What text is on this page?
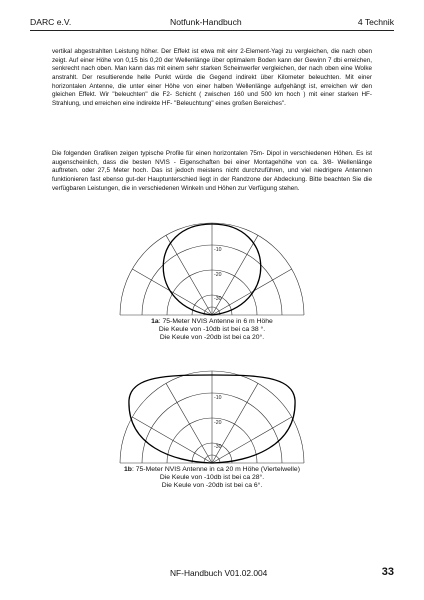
DARC e.V.	Notfunk-Handbuch	4 Technik

vertikal abgestrahlten Leistung höher. Der Effekt ist etwa mit einr 2-Element-Yagi zu vergleichen, die nach oben zeigt. Auf einer Höhe von 0,15 bis 0,20 der Wellenlänge über optimalem Boden kann der Gewinn 7 dbi erreichen, senkrecht nach oben. Man kann das mit einem sehr starken Scheinwerfer vergleichen, der nach oben eine Wolke anstrahlt. Der resultierende helle Punkt würde die Gegend indirekt über Kilometer beleuchten. Mit einer horizontalen Antenne, die unter einer Höhe von einer halben Wellenlänge aufgehängt ist, erreichen wir den gleichen Effekt. Wir "beleuchten" die F2- Schicht ( zwischen 160 und 500 km hoch ) mit einer starken HF- Strahlung, und erreichen eine indirekte HF- "Beleuchtung" eines großen Bereiches".

Die folgenden Grafiken zeigen typische Profile für einen horizontalen 75m- Dipol in verschiedenen Höhen. Es ist augenscheinlich, dass die besten NVIS - Eigenschaften bei einer Montagehöhe von ca. 3/8- Wellenlänge auftreten. oder 27,5 Meter hoch. Das ist jedoch meistens nicht durchzuführen, und viel niedrigere Antennen funktionieren fast ebenso gut-der Hauptunterschied liegt in der Randzone der Abdeckung. Bitte beachten Sie die verfügbaren Leistungen, die in verschiedenen Winkeln und Höhen zur Verfügung stehen.

-10
-20
-30
1a: 75-Meter NVIS Antenne in 6 m Höhe
Die Keule von -10db ist bei ca 38 °.
Die Keule von -20db ist bei ca 20°.
-10
-20
-30
1b: 75-Meter NVIS Antenne in ca 20 m Höhe (Viertelwelle)
Die Keule von -10db ist bei ca 28°.
Die Keule von -20db ist bei ca 6°.
NF-Handbuch V01.02.004	33
